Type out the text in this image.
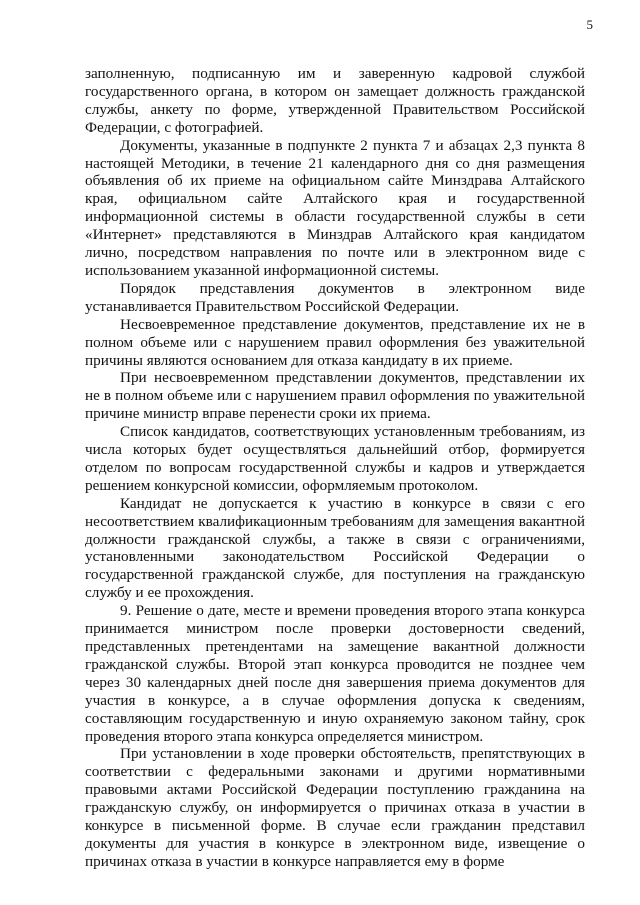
5

заполненную, подписанную им и заверенную кадровой службой государственного органа, в котором он замещает должность гражданской службы, анкету по форме, утвержденной Правительством Российской Федерации, с фотографией.

Документы, указанные в подпункте 2 пункта 7 и абзацах 2,3 пункта 8 настоящей Методики, в течение 21 календарного дня со дня размещения объявления об их приеме на официальном сайте Минздрава Алтайского края, официальном сайте Алтайского края и государственной информационной системы в области государственной службы в сети «Интернет» представляются в Минздрав Алтайского края кандидатом лично, посредством направления по почте или в электронном виде с использованием указанной информационной системы.

Порядок представления документов в электронном виде устанавливается Правительством Российской Федерации.

Несвоевременное представление документов, представление их не в полном объеме или с нарушением правил оформления без уважительной причины являются основанием для отказа кандидату в их приеме.

При несвоевременном представлении документов, представлении их не в полном объеме или с нарушением правил оформления по уважительной причине министр вправе перенести сроки их приема.

Список кандидатов, соответствующих установленным требованиям, из числа которых будет осуществляться дальнейший отбор, формируется отделом по вопросам государственной службы и кадров и утверждается решением конкурсной комиссии, оформляемым протоколом.

Кандидат не допускается к участию в конкурсе в связи с его несоответствием квалификационным требованиям для замещения вакантной должности гражданской службы, а также в связи с ограничениями, установленными законодательством Российской Федерации о государственной гражданской службе, для поступления на гражданскую службу и ее прохождения.

9. Решение о дате, месте и времени проведения второго этапа конкурса принимается министром после проверки достоверности сведений, представленных претендентами на замещение вакантной должности гражданской службы. Второй этап конкурса проводится не позднее чем через 30 календарных дней после дня завершения приема документов для участия в конкурсе, а в случае оформления допуска к сведениям, составляющим государственную и иную охраняемую законом тайну, срок проведения второго этапа конкурса определяется министром.

При установлении в ходе проверки обстоятельств, препятствующих в соответствии с федеральными законами и другими нормативными правовыми актами Российской Федерации поступлению гражданина на гражданскую службу, он информируется о причинах отказа в участии в конкурсе в письменной форме. В случае если гражданин представил документы для участия в конкурсе в электронном виде, извещение о причинах отказа в участии в конкурсе направляется ему в форме
